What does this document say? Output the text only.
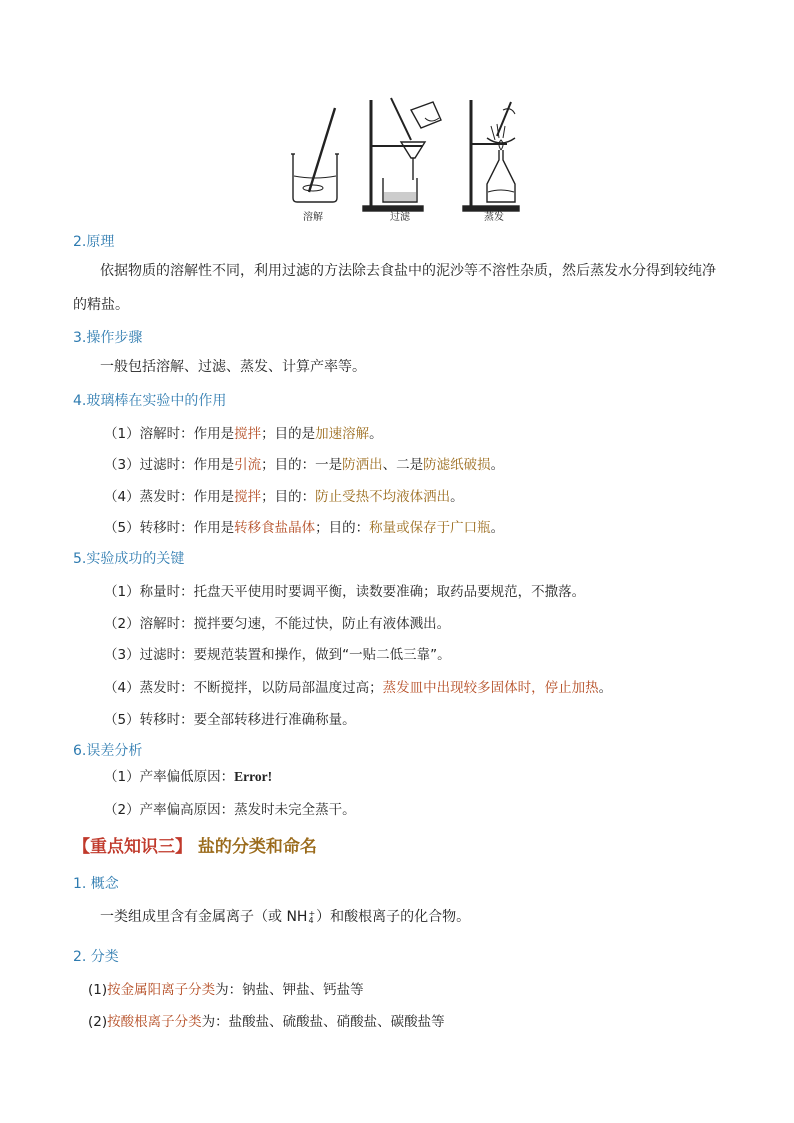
溶解	过滤	蒸发
2.原理
依据物质的溶解性不同，利用过滤的方法除去食盐中的泥沙等不溶性杂质，然后蒸发水分得到较纯净
的精盐。
3.操作步骤
一般包括溶解、过滤、蒸发、计算产率等。
4.玻璃棒在实验中的作用
（1）溶解时：作用是搅拌；目的是加速溶解。
（3）过滤时：作用是引流；目的：一是防洒出、二是防滤纸破损。
（4）蒸发时：作用是搅拌；目的：防止受热不均液体洒出。
（5）转移时：作用是转移食盐晶体；目的：称量或保存于广口瓶。
5.实验成功的关键
（1）称量时：托盘天平使用时要调平衡，读数要准确；取药品要规范，不撒落。
（2）溶解时：搅拌要匀速，不能过快，防止有液体溅出。
（3）过滤时：要规范装置和操作，做到“一贴二低三靠”。
（4）蒸发时：不断搅拌，以防局部温度过高；蒸发皿中出现较多固体时，停止加热。
（5）转移时：要全部转移进行准确称量。
6.误差分析
（1）产率偏低原因：Error!
（2）产率偏高原因：蒸发时未完全蒸干。
【重点知识三】 盐的分类和命名
1. 概念
一类组成里含有金属离子（或 NH +
4 ）和酸根离子的化合物。
2. 分类
(1)按金属阳离子分类为：钠盐、钾盐、钙盐等
(2)按酸根离子分类为：盐酸盐、硫酸盐、硝酸盐、碳酸盐等
